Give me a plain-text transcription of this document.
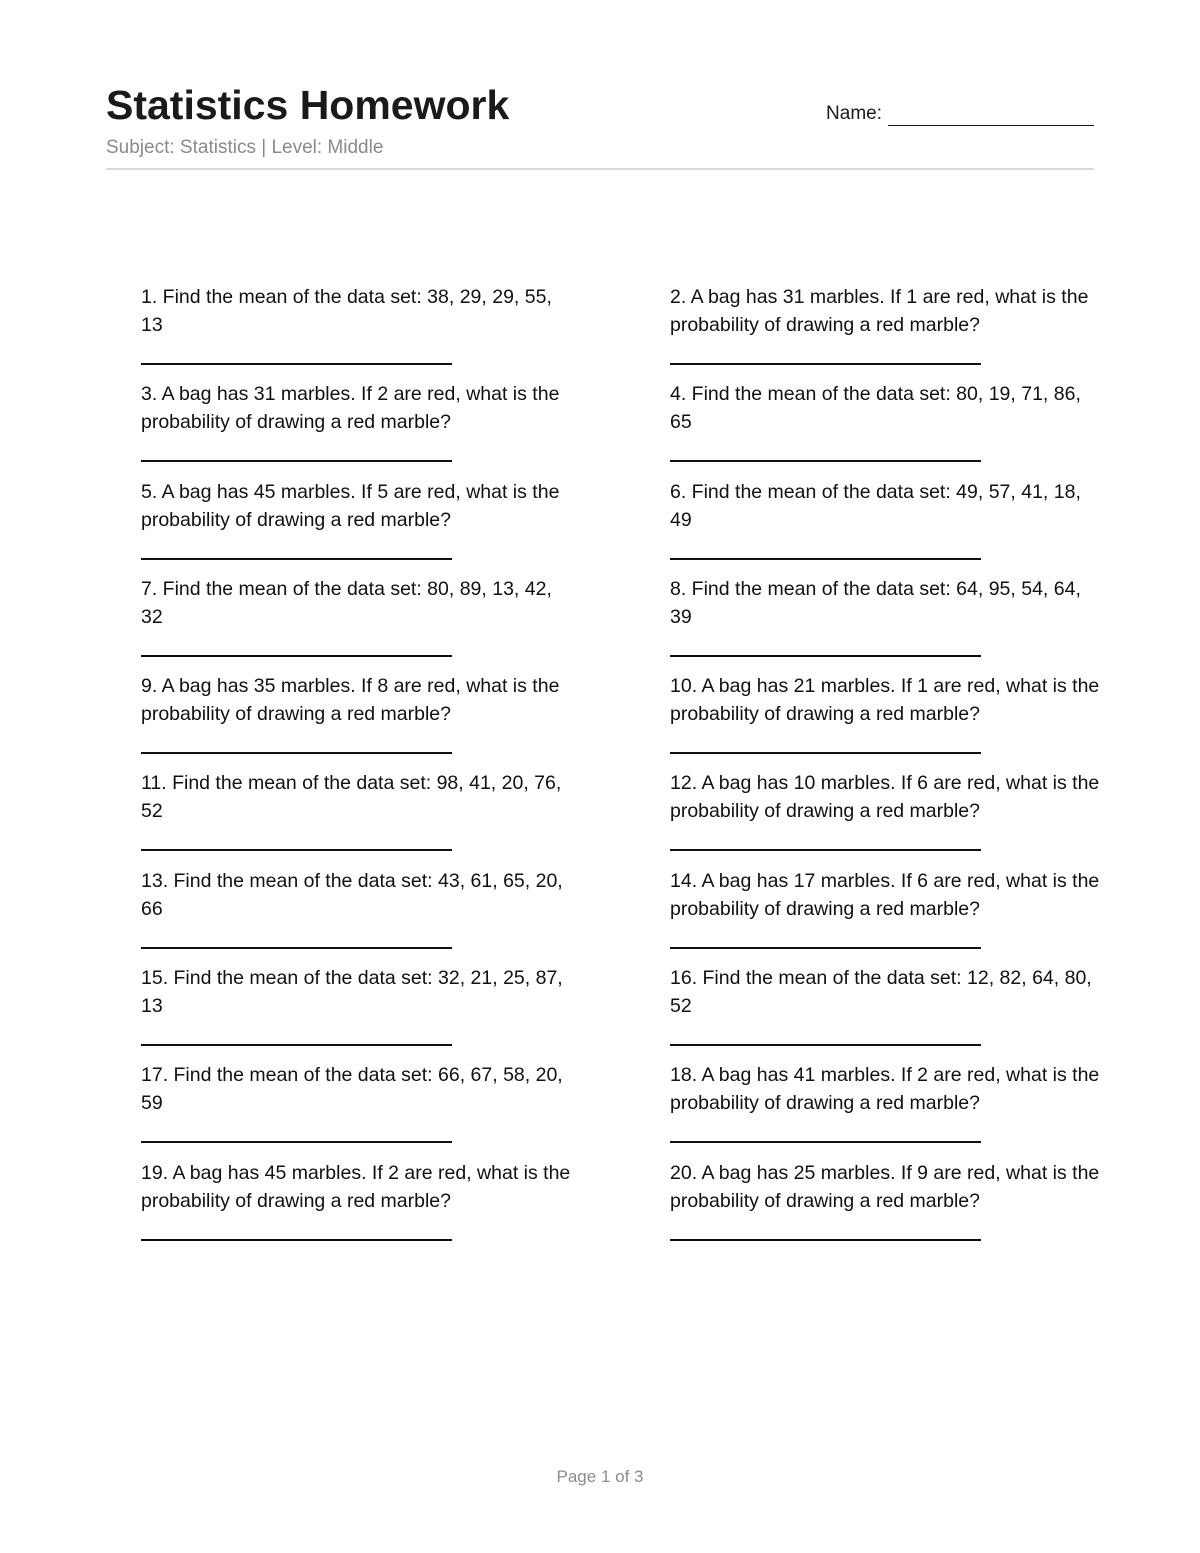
Statistics Homework
Subject: Statistics | Level: Middle
Name:
1. Find the mean of the data set: 38, 29, 29, 55, 13
2. A bag has 31 marbles. If 1 are red, what is the probability of drawing a red marble?
3. A bag has 31 marbles. If 2 are red, what is the probability of drawing a red marble?
4. Find the mean of the data set: 80, 19, 71, 86, 65
5. A bag has 45 marbles. If 5 are red, what is the probability of drawing a red marble?
6. Find the mean of the data set: 49, 57, 41, 18, 49
7. Find the mean of the data set: 80, 89, 13, 42, 32
8. Find the mean of the data set: 64, 95, 54, 64, 39
9. A bag has 35 marbles. If 8 are red, what is the probability of drawing a red marble?
10. A bag has 21 marbles. If 1 are red, what is the probability of drawing a red marble?
11. Find the mean of the data set: 98, 41, 20, 76, 52
12. A bag has 10 marbles. If 6 are red, what is the probability of drawing a red marble?
13. Find the mean of the data set: 43, 61, 65, 20, 66
14. A bag has 17 marbles. If 6 are red, what is the probability of drawing a red marble?
15. Find the mean of the data set: 32, 21, 25, 87, 13
16. Find the mean of the data set: 12, 82, 64, 80, 52
17. Find the mean of the data set: 66, 67, 58, 20, 59
18. A bag has 41 marbles. If 2 are red, what is the probability of drawing a red marble?
19. A bag has 45 marbles. If 2 are red, what is the probability of drawing a red marble?
20. A bag has 25 marbles. If 9 are red, what is the probability of drawing a red marble?
Page 1 of 3
